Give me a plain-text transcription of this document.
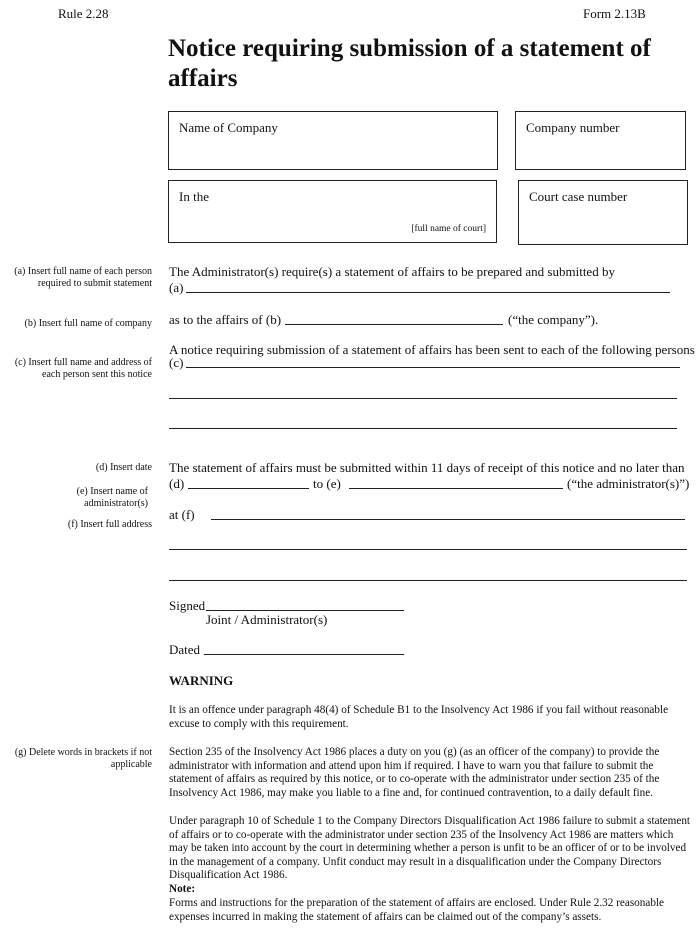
Rule 2.28	Form 2.13B
Notice requiring submission of a statement of affairs
Name of Company	Company number
In the
[full name of court]
Court case number
(a) Insert full name of each person required to submit statement
(b) Insert full name of company
(c) Insert full name and address of each person sent this notice
(d) Insert date
(e) Insert name of administrator(s)
(f) Insert full address
(g) Delete words in brackets if not applicable
The Administrator(s) require(s) a statement of affairs to be prepared and submitted by
(a)
as to the affairs of (b)	(“the company”).
A notice requiring submission of a statement of affairs has been sent to each of the following persons
(c)
The statement of affairs must be submitted within 11 days of receipt of this notice and no later than
(d)	to (e)	(“the administrator(s)”)
at (f)
Signed
Joint / Administrator(s)
Dated
WARNING
It is an offence under paragraph 48(4) of Schedule B1 to the Insolvency Act 1986 if you fail without reasonable excuse to comply with this requirement.
Section 235 of the Insolvency Act 1986 places a duty on you (g) (as an officer of the company) to provide the administrator with information and attend upon him if required. I have to warn you that failure to submit the statement of affairs as required by this notice, or to co-operate with the administrator under section 235 of the Insolvency Act 1986, may make you liable to a fine and, for continued contravention, to a daily default fine.
Under paragraph 10 of Schedule 1 to the Company Directors Disqualification Act 1986 failure to submit a statement of affairs or to co-operate with the administrator under section 235 of the Insolvency Act 1986 are matters which may be taken into account by the court in determining whether a person is unfit to be an officer of or to be involved in the management of a company. Unfit conduct may result in a disqualification under the Company Directors Disqualification Act 1986.
Note:
Forms and instructions for the preparation of the statement of affairs are enclosed. Under Rule 2.32 reasonable expenses incurred in making the statement of affairs can be claimed out of the company’s assets.
